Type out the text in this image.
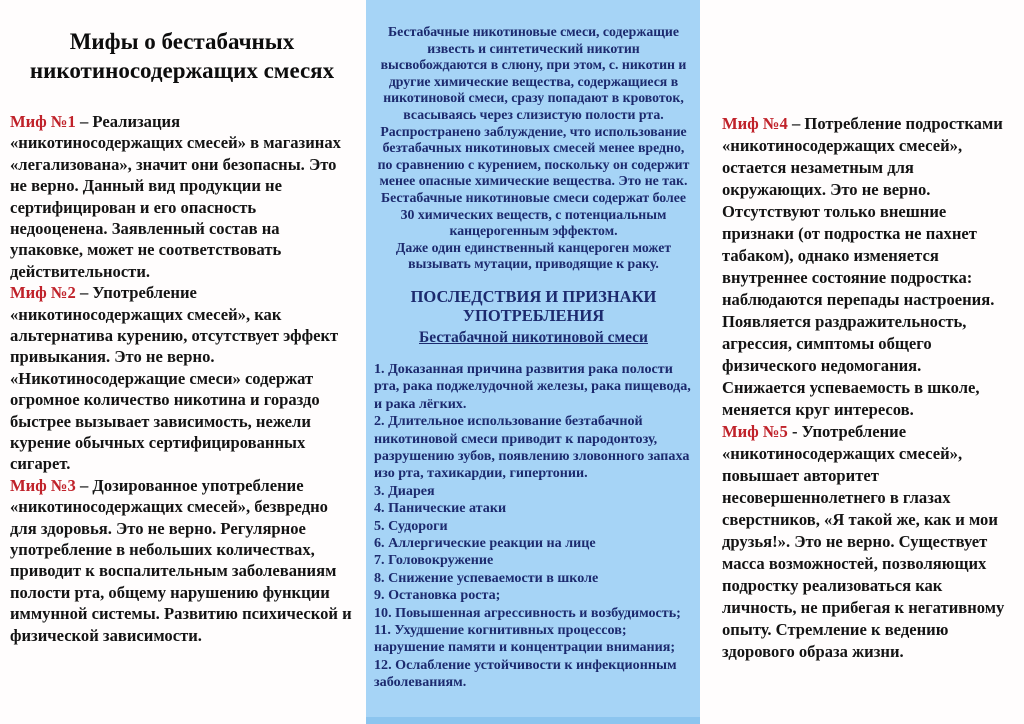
Мифы о бестабачных никотиносодержащих смесях

Миф №1 – Реализация «никотиносодержащих смесей» в магазинах «легализована», значит они безопасны. Это не верно. Данный вид продукции не сертифицирован и его опасность недооценена. Заявленный состав на упаковке, может не соответствовать действительности.

Миф №2 – Употребление «никотиносодержащих смесей», как альтернатива курению, отсутствует эффект привыкания. Это не верно. «Никотиносодержащие смеси» содержат огромное количество никотина и гораздо быстрее вызывает зависимость, нежели курение обычных сертифицированных сигарет.

Миф №3 – Дозированное употребление «никотиносодержащих смесей», безвредно для здоровья. Это не верно. Регулярное употребление в небольших количествах, приводит к воспалительным заболеваниям полости рта, общему нарушению функции иммунной системы. Развитию психической и физической зависимости.

Бестабачные никотиновые смеси, содержащие известь и синтетический никотин высвобождаются в слюну, при этом, с. никотин и другие химические вещества, содержащиеся в никотиновой смеси, сразу попадают в кровоток, всасываясь через слизистую полости рта. Распространено заблуждение, что использование безтабачных никотиновых смесей менее вредно, по сравнению с курением, поскольку он содержит менее опасные химические вещества. Это не так. Бестабачные никотиновые смеси содержат более 30 химических веществ, с потенциальным канцерогенным эффектом.

Даже один единственный канцероген может вызывать мутации, приводящие к раку.

ПОСЛЕДСТВИЯ И ПРИЗНАКИ УПОТРЕБЛЕНИЯ
Бестабачной никотиновой смеси

1. Доказанная причина развития рака полости рта, рака поджелудочной железы, рака пищевода, и рака лёгких.

2. Длительное использование безтабачной никотиновой смеси приводит к пародонтозу, разрушению зубов, появлению зловонного запаха изо рта, тахикардии, гипертонии.

3. Диарея

4. Панические атаки

5. Судороги

6. Аллергические реакции на лице

7. Головокружение

8. Снижение успеваемости в школе

9. Остановка роста;

10. Повышенная агрессивность и возбудимость;

11. Ухудшение когнитивных процессов; нарушение памяти и концентрации внимания;

12. Ослабление устойчивости к инфекционным заболеваниям.

Миф №4 – Потребление подростками «никотиносодержащих смесей», остается незаметным для окружающих. Это не верно. Отсутствуют только внешние признаки (от подростка не пахнет табаком), однако изменяется внутреннее состояние подростка: наблюдаются перепады настроения. Появляется раздражительность, агрессия, симптомы общего физического недомогания. Снижается успеваемость в школе, меняется круг интересов.

Миф №5 - Употребление «никотиносодержащих смесей», повышает авторитет несовершеннолетнего в глазах сверстников, «Я такой же, как и мои друзья!». Это не верно. Существует масса возможностей, позволяющих подростку реализоваться как личность, не прибегая к негативному опыту. Стремление к ведению здорового образа жизни.
